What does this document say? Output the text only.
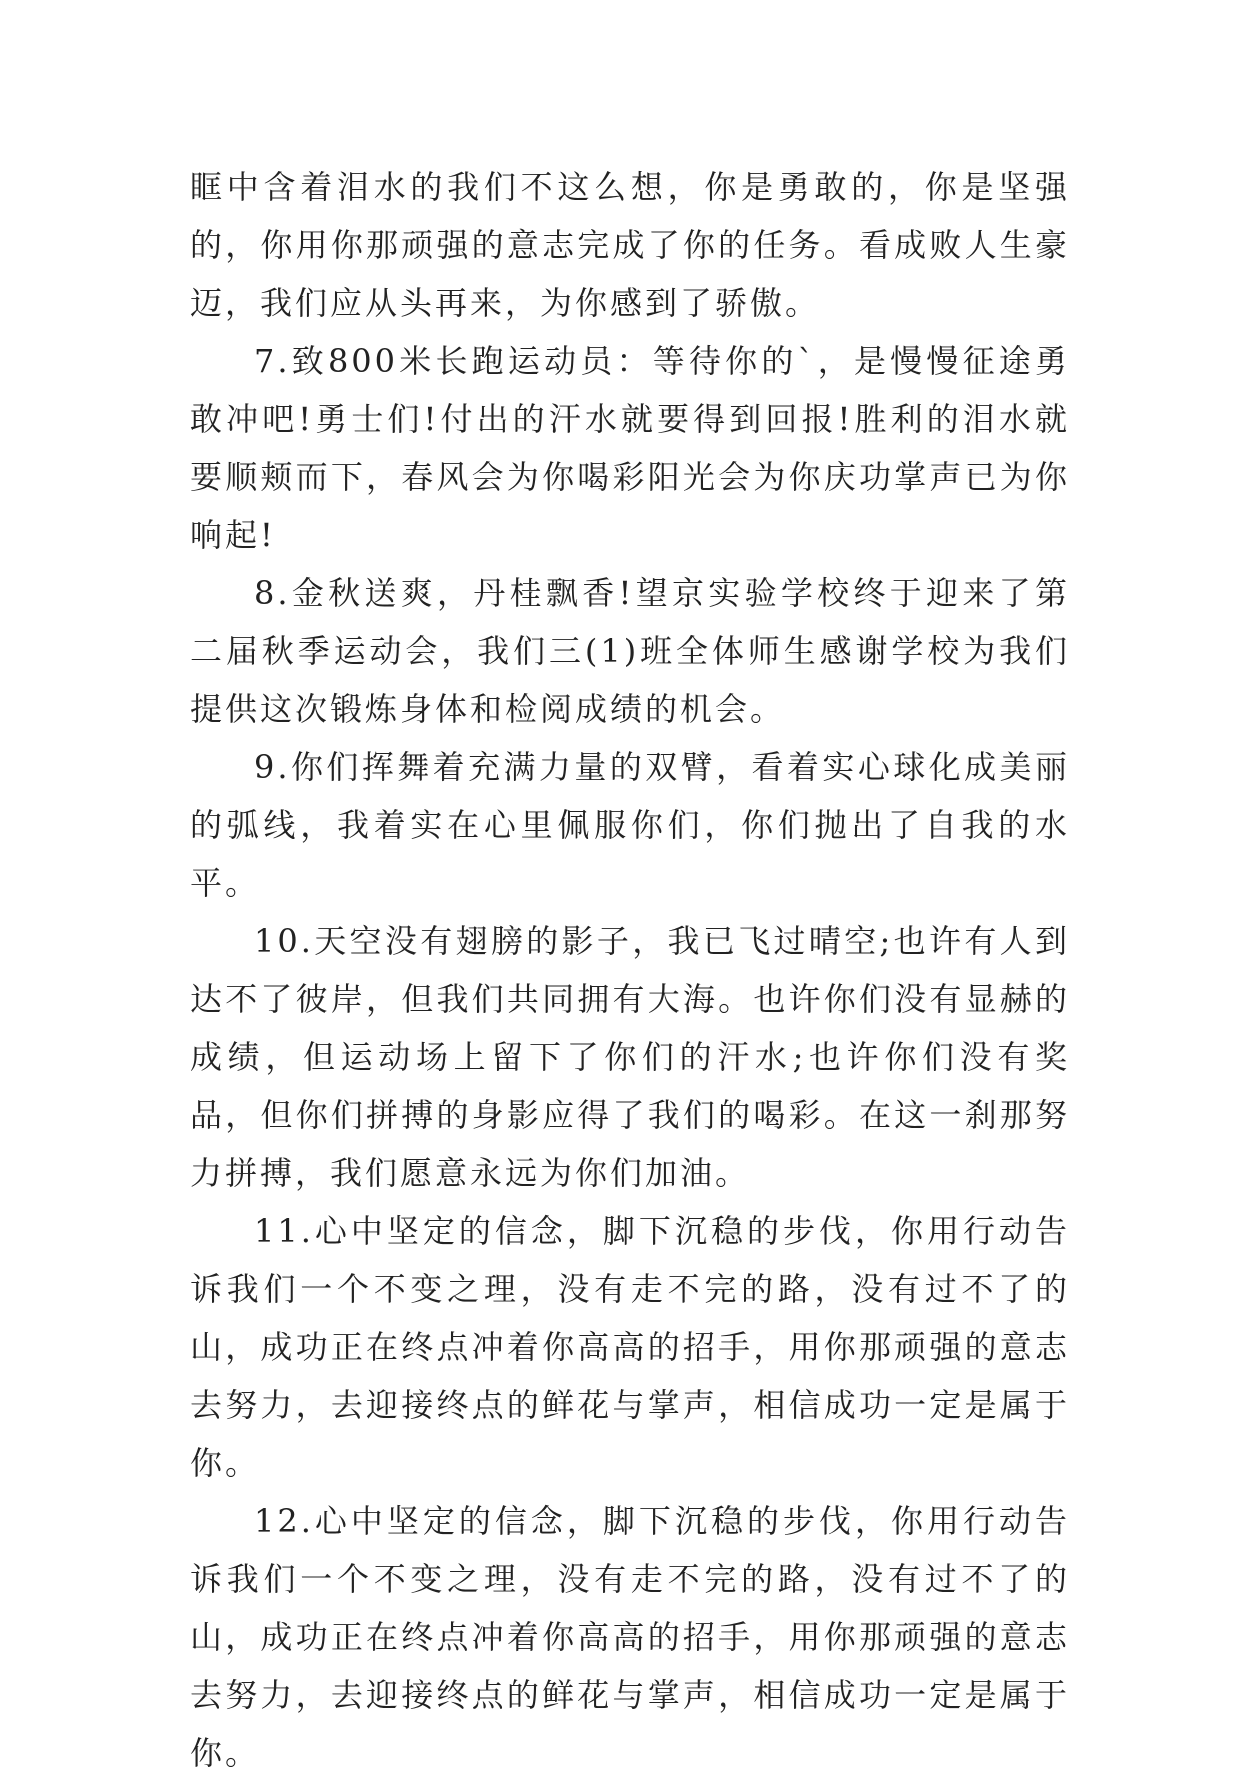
眶中含着泪水的我们不这么想，你是勇敢的，你是坚强的，你用你那顽强的意志完成了你的任务。看成败人生豪迈，我们应从头再来，为你感到了骄傲。

7.致800米长跑运动员：等待你的`，是慢慢征途勇敢冲吧!勇士们!付出的汗水就要得到回报!胜利的泪水就要顺颊而下，春风会为你喝彩阳光会为你庆功掌声已为你响起!

8.金秋送爽，丹桂飘香!望京实验学校终于迎来了第二届秋季运动会，我们三(1)班全体师生感谢学校为我们提供这次锻炼身体和检阅成绩的机会。

9.你们挥舞着充满力量的双臂，看着实心球化成美丽的弧线，我着实在心里佩服你们，你们抛出了自我的水平。

10.天空没有翅膀的影子，我已飞过晴空;也许有人到达不了彼岸，但我们共同拥有大海。也许你们没有显赫的成绩，但运动场上留下了你们的汗水;也许你们没有奖品，但你们拼搏的身影应得了我们的喝彩。在这一刹那努力拼搏，我们愿意永远为你们加油。

11.心中坚定的信念，脚下沉稳的步伐，你用行动告诉我们一个不变之理，没有走不完的路，没有过不了的山，成功正在终点冲着你高高的招手，用你那顽强的意志去努力，去迎接终点的鲜花与掌声，相信成功一定是属于你。

12.心中坚定的信念，脚下沉稳的步伐，你用行动告诉我们一个不变之理，没有走不完的路，没有过不了的山，成功正在终点冲着你高高的招手，用你那顽强的意志去努力，去迎接终点的鲜花与掌声，相信成功一定是属于你。
